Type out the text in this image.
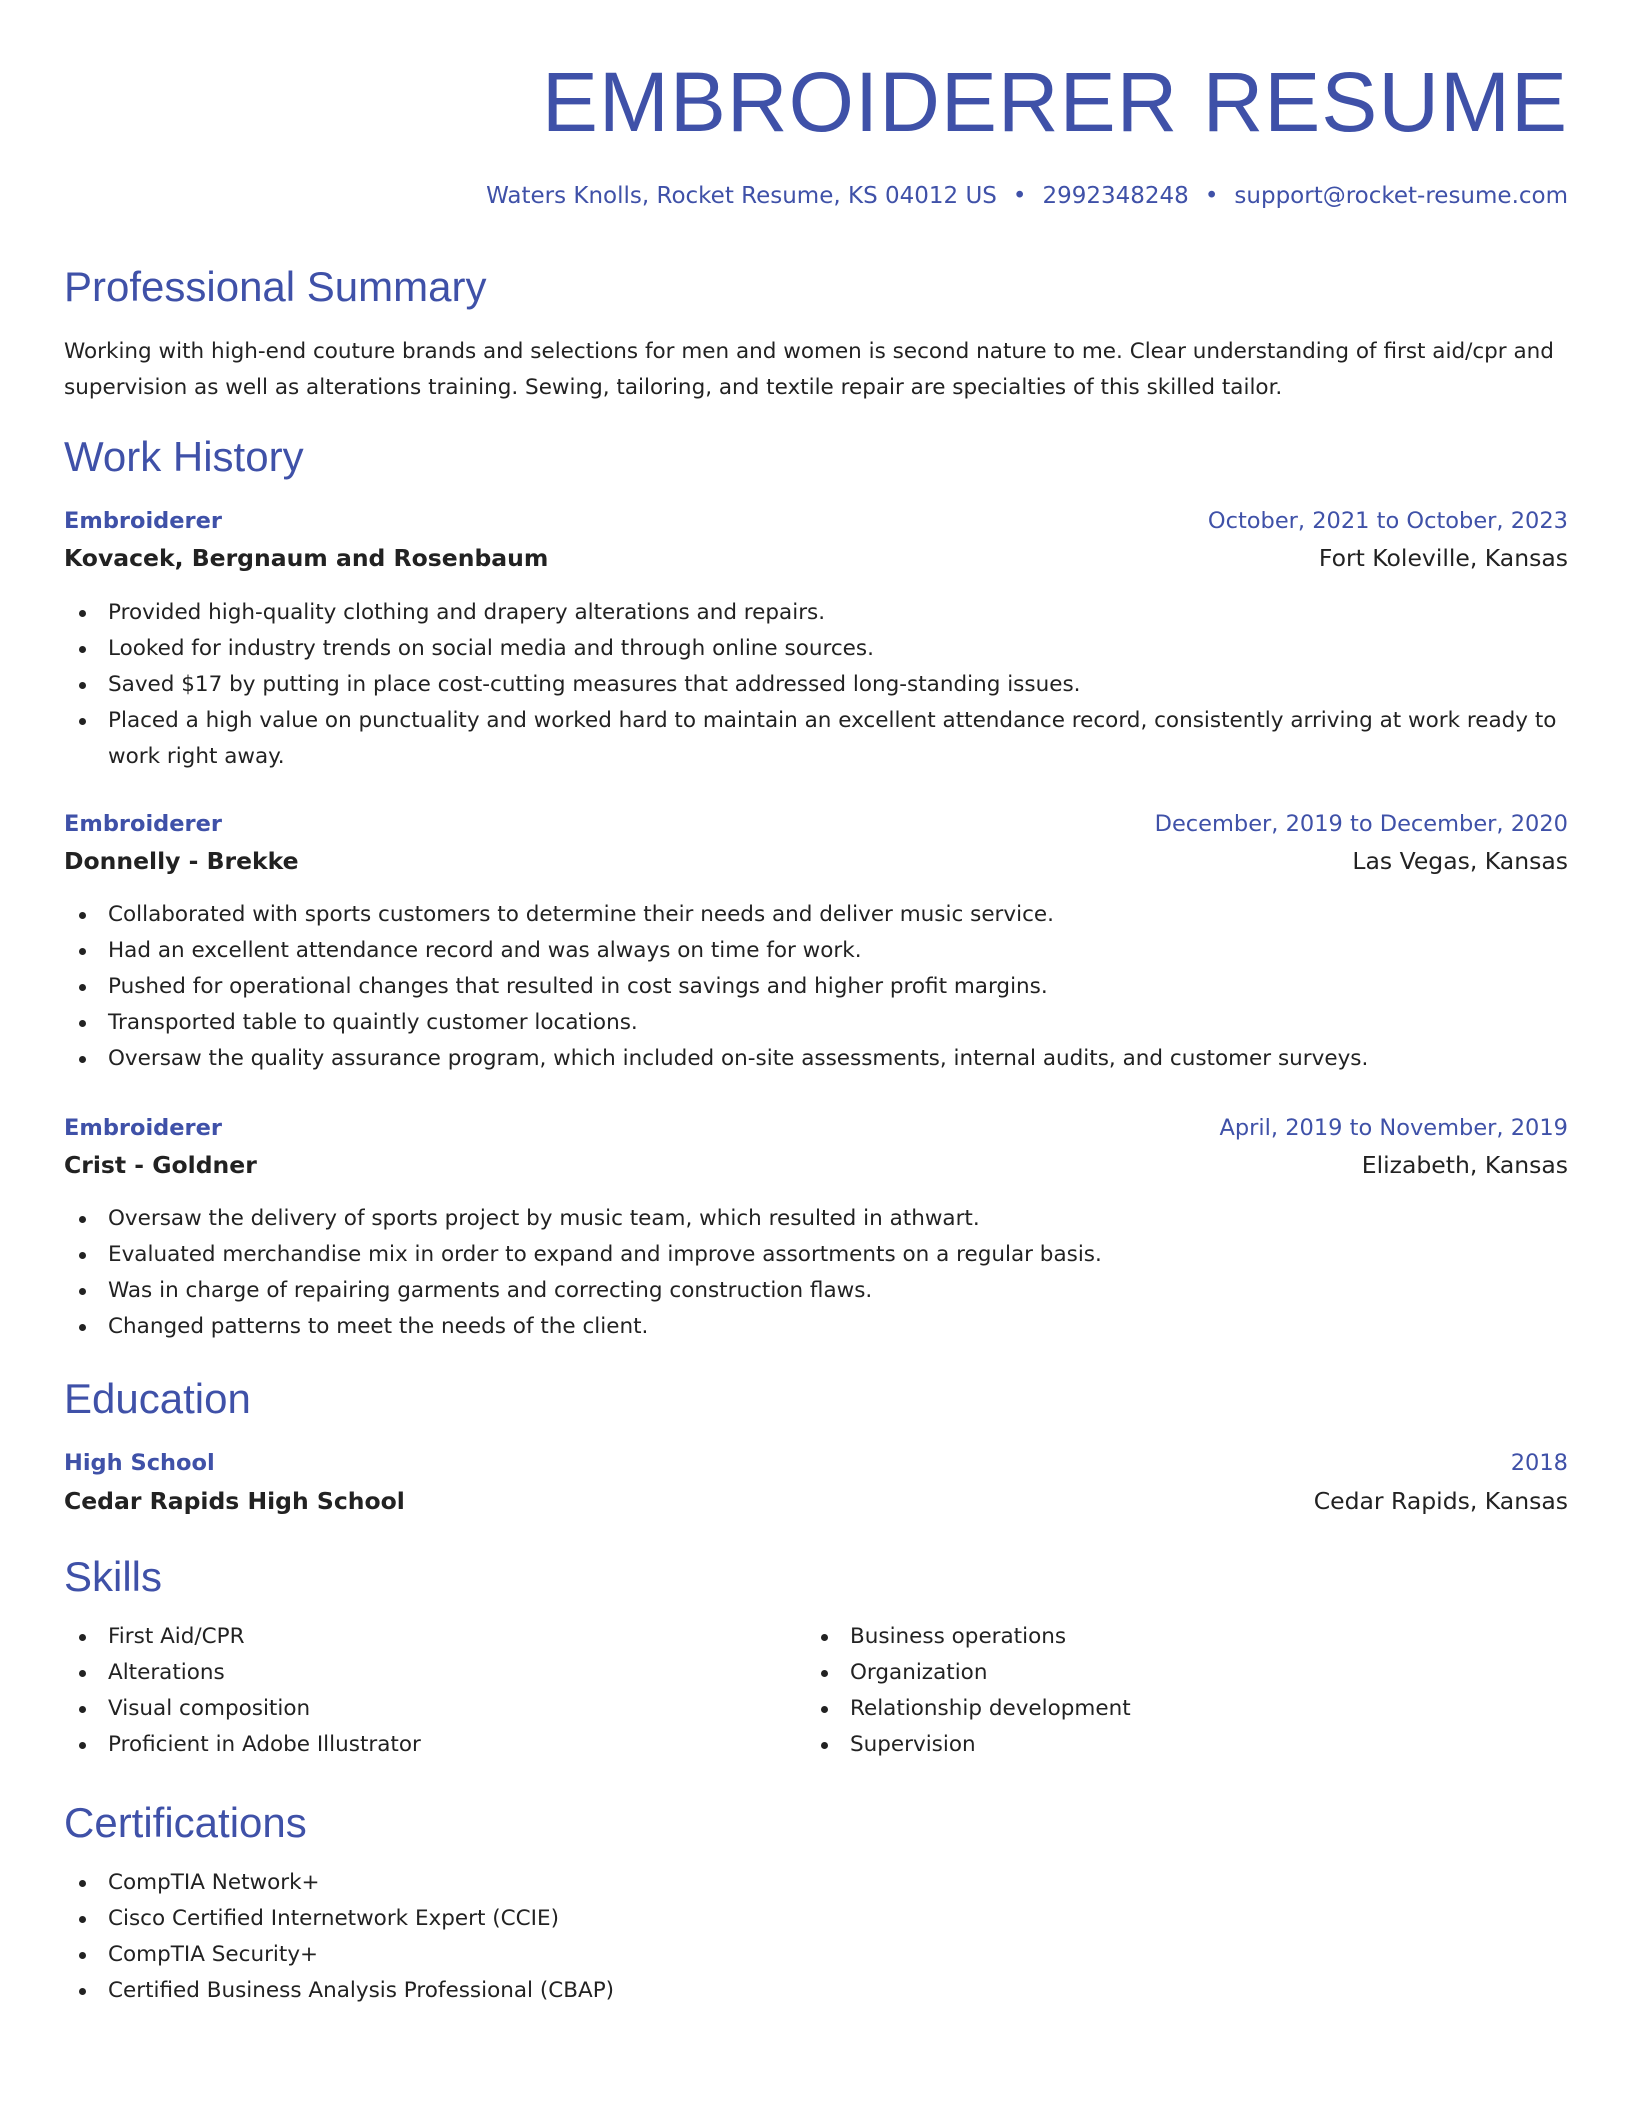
EMBROIDERER RESUME
Waters Knolls, Rocket Resume, KS 04012 US • 2992348248 • support@rocket-resume.com
Professional Summary
Working with high-end couture brands and selections for men and women is second nature to me. Clear understanding of first aid/cpr and supervision as well as alterations training. Sewing, tailoring, and textile repair are specialties of this skilled tailor.
Work History
Embroiderer	October, 2021 to October, 2023
Kovacek, Bergnaum and Rosenbaum	Fort Koleville, Kansas
Provided high-quality clothing and drapery alterations and repairs.
Looked for industry trends on social media and through online sources.
Saved $17 by putting in place cost-cutting measures that addressed long-standing issues.
Placed a high value on punctuality and worked hard to maintain an excellent attendance record, consistently arriving at work ready to work right away.
Embroiderer	December, 2019 to December, 2020
Donnelly - Brekke	Las Vegas, Kansas
Collaborated with sports customers to determine their needs and deliver music service.
Had an excellent attendance record and was always on time for work.
Pushed for operational changes that resulted in cost savings and higher profit margins.
Transported table to quaintly customer locations.
Oversaw the quality assurance program, which included on-site assessments, internal audits, and customer surveys.
Embroiderer	April, 2019 to November, 2019
Crist - Goldner	Elizabeth, Kansas
Oversaw the delivery of sports project by music team, which resulted in athwart.
Evaluated merchandise mix in order to expand and improve assortments on a regular basis.
Was in charge of repairing garments and correcting construction flaws.
Changed patterns to meet the needs of the client.
Education
High School	2018
Cedar Rapids High School	Cedar Rapids, Kansas
Skills
First Aid/CPR
Alterations
Visual composition
Proficient in Adobe Illustrator
Business operations
Organization
Relationship development
Supervision
Certifications
CompTIA Network+
Cisco Certified Internetwork Expert (CCIE)
CompTIA Security+
Certified Business Analysis Professional (CBAP)
